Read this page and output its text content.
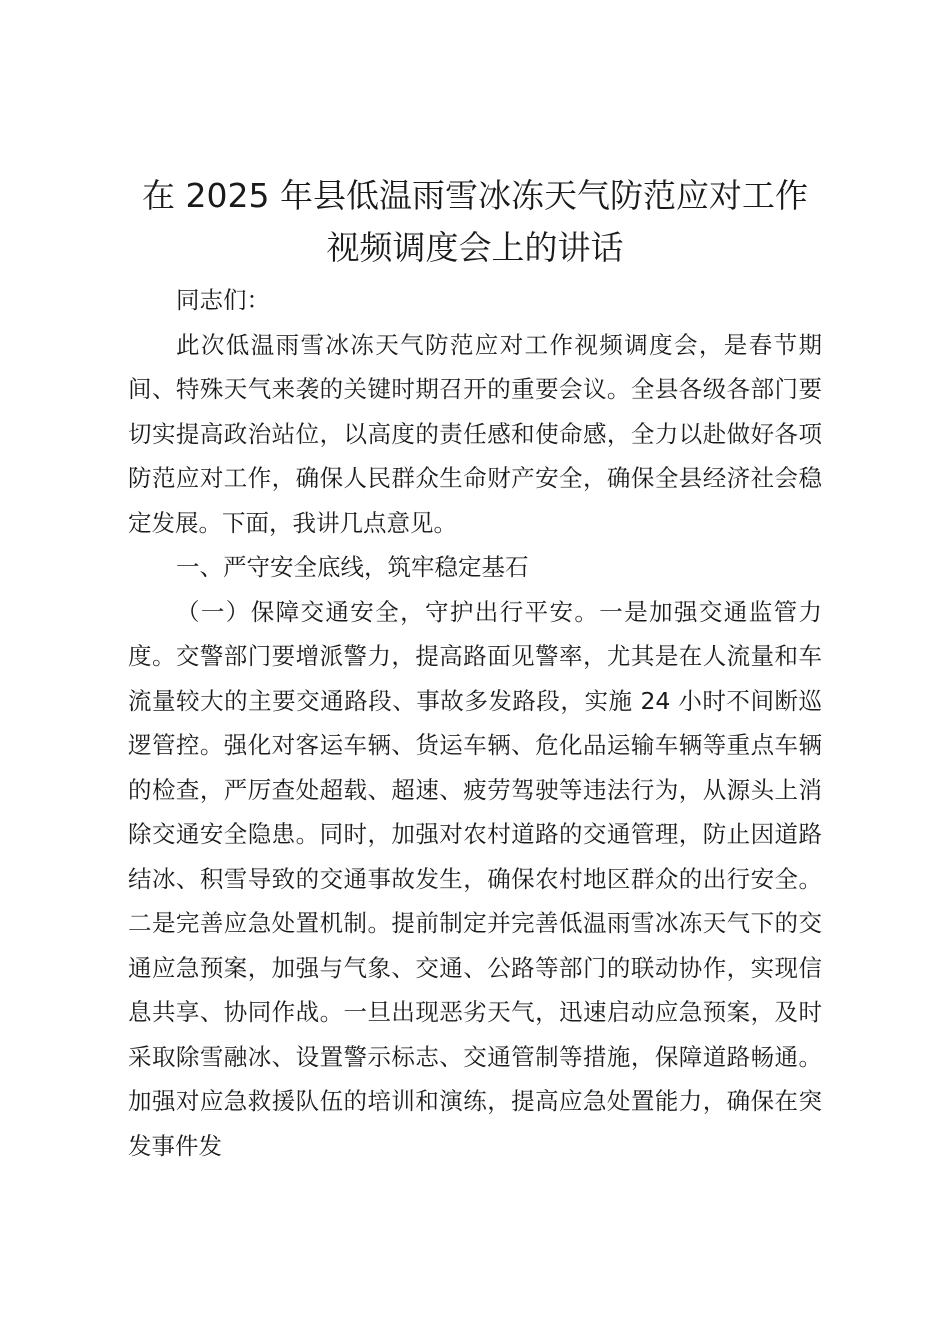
在 2025 年县低温雨雪冰冻天气防范应对工作
视频调度会上的讲话

同志们：

此次低温雨雪冰冻天气防范应对工作视频调度会，是春节期间、特殊天气来袭的关键时期召开的重要会议。全县各级各部门要切实提高政治站位，以高度的责任感和使命感，全力以赴做好各项防范应对工作，确保人民群众生命财产安全，确保全县经济社会稳定发展。下面，我讲几点意见。

一、严守安全底线，筑牢稳定基石

（一）保障交通安全，守护出行平安。一是加强交通监管力度。交警部门要增派警力，提高路面见警率，尤其是在人流量和车流量较大的主要交通路段、事故多发路段，实施 24 小时不间断巡逻管控。强化对客运车辆、货运车辆、危化品运输车辆等重点车辆的检查，严厉查处超载、超速、疲劳驾驶等违法行为，从源头上消除交通安全隐患。同时，加强对农村道路的交通管理，防止因道路结冰、积雪导致的交通事故发生，确保农村地区群众的出行安全。二是完善应急处置机制。提前制定并完善低温雨雪冰冻天气下的交通应急预案，加强与气象、交通、公路等部门的联动协作，实现信息共享、协同作战。一旦出现恶劣天气，迅速启动应急预案，及时采取除雪融冰、设置警示标志、交通管制等措施，保障道路畅通。加强对应急救援队伍的培训和演练，提高应急处置能力，确保在突发事件发
